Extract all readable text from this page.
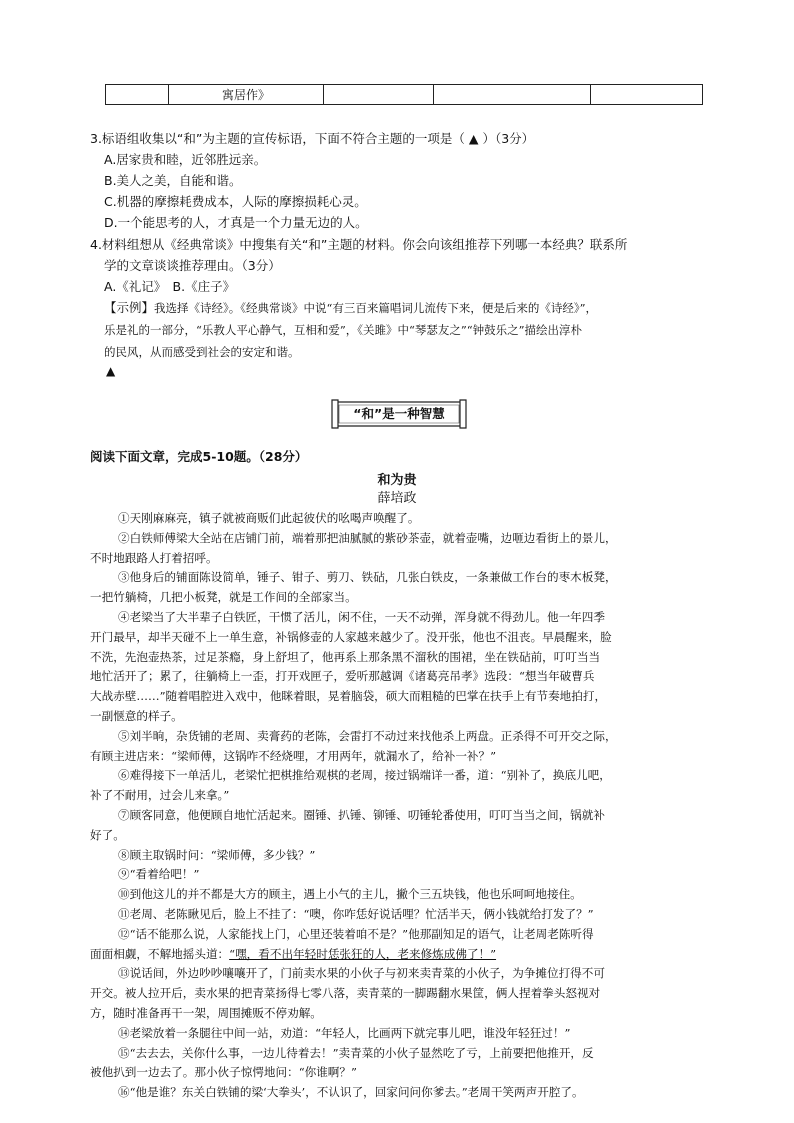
	寓居作》			
3.标语组收集以“和”为主题的宣传标语，下面不符合主题的一项是（ ▲ ）（3分）
A.居家贵和睦，近邻胜远亲。
B.美人之美，自能和谐。
C.机器的摩擦耗费成本，人际的摩擦损耗心灵。
D.一个能思考的人，才真是一个力量无边的人。
4.材料组想从《经典常谈》中搜集有关“和”主题的材料。你会向该组推荐下列哪一本经典？联系所
学的文章谈谈推荐理由。（3分）
A.《礼记》　B.《庄子》
【示例】我选择《诗经》。《经典常谈》中说“有三百来篇唱词儿流传下来，便是后来的《诗经》”，
乐是礼的一部分，“乐教人平心静气，互相和爱”，《关雎》中“琴瑟友之”“钟鼓乐之”描绘出淳朴
的民风，从而感受到社会的安定和谐。
▲
“和”是一种智慧
阅读下面文章，完成5-10题。（28分）
和为贵
薛培政
①天刚麻麻亮，镇子就被商贩们此起彼伏的吆喝声唤醒了。
②白铁师傅梁大全站在店铺门前，端着那把油腻腻的紫砂茶壶，就着壶嘴，边咂边看街上的景儿，
不时地跟路人打着招呼。
③他身后的铺面陈设简单，锤子、钳子、剪刀、铁砧，几张白铁皮，一条兼做工作台的枣木板凳，
一把竹躺椅，几把小板凳，就是工作间的全部家当。
④老梁当了大半辈子白铁匠，干惯了活儿，闲不住，一天不动弹，浑身就不得劲儿。他一年四季
开门最早，却半天碰不上一单生意，补锅修壶的人家越来越少了。没开张，他也不沮丧。早晨醒来，脸
不洗，先泡壶热茶，过足茶瘾，身上舒坦了，他再系上那条黑不溜秋的围裙，坐在铁砧前，叮叮当当
地忙活开了；累了，往躺椅上一歪，打开戏匣子，爱听那越调《诸葛亮吊孝》选段：“想当年破曹兵
大战赤壁……”随着唱腔进入戏中，他眯着眼，晃着脑袋，硕大而粗糙的巴掌在扶手上有节奏地拍打，
一副惬意的样子。
⑤刘半晌，杂货铺的老周、卖膏药的老陈，会雷打不动过来找他杀上两盘。正杀得不可开交之际，
有顾主进店来：“梁师傅，这锅咋不经烧哩，才用两年，就漏水了，给补一补？”
⑥难得接下一单活儿，老梁忙把棋推给观棋的老周，接过锅端详一番，道：“别补了，换底儿吧，
补了不耐用，过会儿来拿。”
⑦顾客同意，他便顾自地忙活起来。圈锤、扒锤、铆锤、叨锤轮番使用，叮叮当当之间，锅就补
好了。
⑧顾主取锅时问：“梁师傅，多少钱？”
⑨“看着给吧！”
⑩到他这儿的并不都是大方的顾主，遇上小气的主儿，撇个三五块钱，他也乐呵呵地接住。
⑪老周、老陈瞅见后，脸上不挂了：“噢，你咋恁好说话哩？忙活半天，俩小钱就给打发了？”
⑫“话不能那么说，人家能找上门，心里还装着咱不是？”他那副知足的语气，让老周老陈听得
面面相觑，不解地摇头道：“嘿，看不出年轻时恁张狂的人，老来修炼成佛了！”
⑬说话间，外边吵吵嚷嚷开了，门前卖水果的小伙子与初来卖青菜的小伙子，为争摊位打得不可
开交。被人拉开后，卖水果的把青菜扬得七零八落，卖青菜的一脚踢翻水果筐，俩人捏着拳头怒视对
方，随时准备再干一架，周围摊贩不停劝解。
⑭老梁放着一条腿往中间一站，劝道：“年轻人，比画两下就完事儿吧，谁没年轻狂过！”
⑮“去去去，关你什么事，一边儿待着去！”卖青菜的小伙子显然吃了亏，上前要把他推开，反
被他扒到一边去了。那小伙子惊愕地问：“你谁啊？”
⑯“他是谁？东关白铁铺的梁‘大拳头’，不认识了，回家问问你爹去。”老周干笑两声开腔了。
